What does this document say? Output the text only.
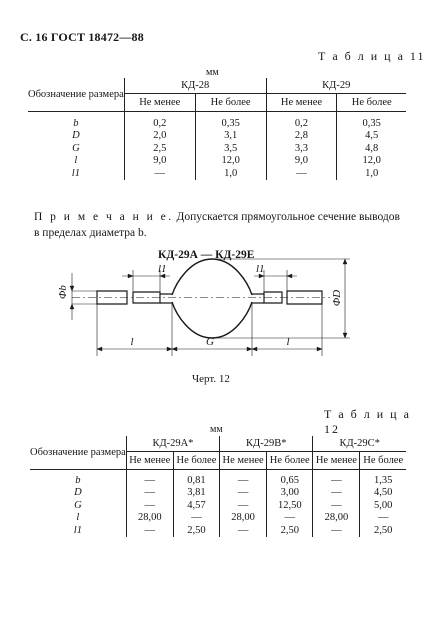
С. 16 ГОСТ 18472—88
Т а б л и ц а 11
мм
Обозначение размера	КД-28		КД-29	
	Не менее	Не более	Не менее	Не более

b	0,2	0,35	0,2	0,35
D	2,0	3,1	2,8	4,5
G	2,5	3,5	3,3	4,8
l	9,0	12,0	9,0	12,0
l1	—	1,0	—	1,0
П р и м е ч а н и е. Допускается прямоугольное сечение выводов в пределах диаметра b.
КД-29А — КД-29Е
Φb
l1	l1
ΦD
l	G	l
Черт. 12
Т а б л и ц а 12
мм
Обозначение размера	КД-29А*		КД-29В*		КД-29С*	
	Не менее	Не более	Не менее	Не более	Не менее	Не более

b	—	0,81	—	0,65	—	1,35
D	—	3,81	—	3,00	—	4,50
G	—	4,57	—	12,50	—	5,00
l	28,00	—	28,00	—	28,00	—
l1	—	2,50	—	2,50	—	2,50
